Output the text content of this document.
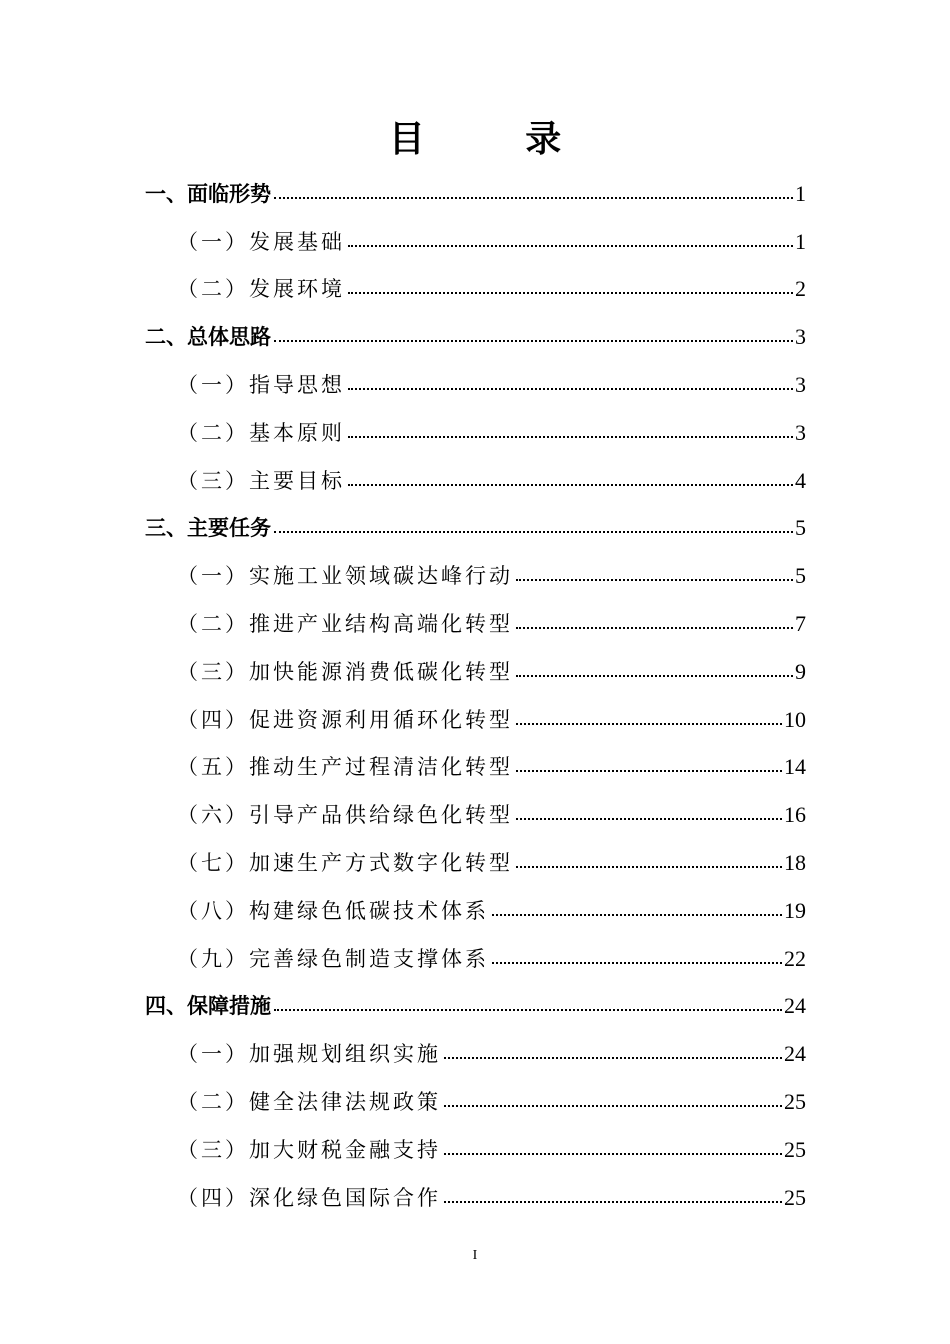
目 录
一、面临形势	1
（一）发展基础	1
（二）发展环境	2
二、总体思路	3
（一）指导思想	3
（二）基本原则	3
（三）主要目标	4
三、主要任务	5
（一）实施工业领域碳达峰行动	5
（二）推进产业结构高端化转型	7
（三）加快能源消费低碳化转型	9
（四）促进资源利用循环化转型	10
（五）推动生产过程清洁化转型	14
（六）引导产品供给绿色化转型	16
（七）加速生产方式数字化转型	18
（八）构建绿色低碳技术体系	19
（九）完善绿色制造支撑体系	22
四、保障措施	24
（一）加强规划组织实施	24
（二）健全法律法规政策	25
（三）加大财税金融支持	25
（四）深化绿色国际合作	25
I
